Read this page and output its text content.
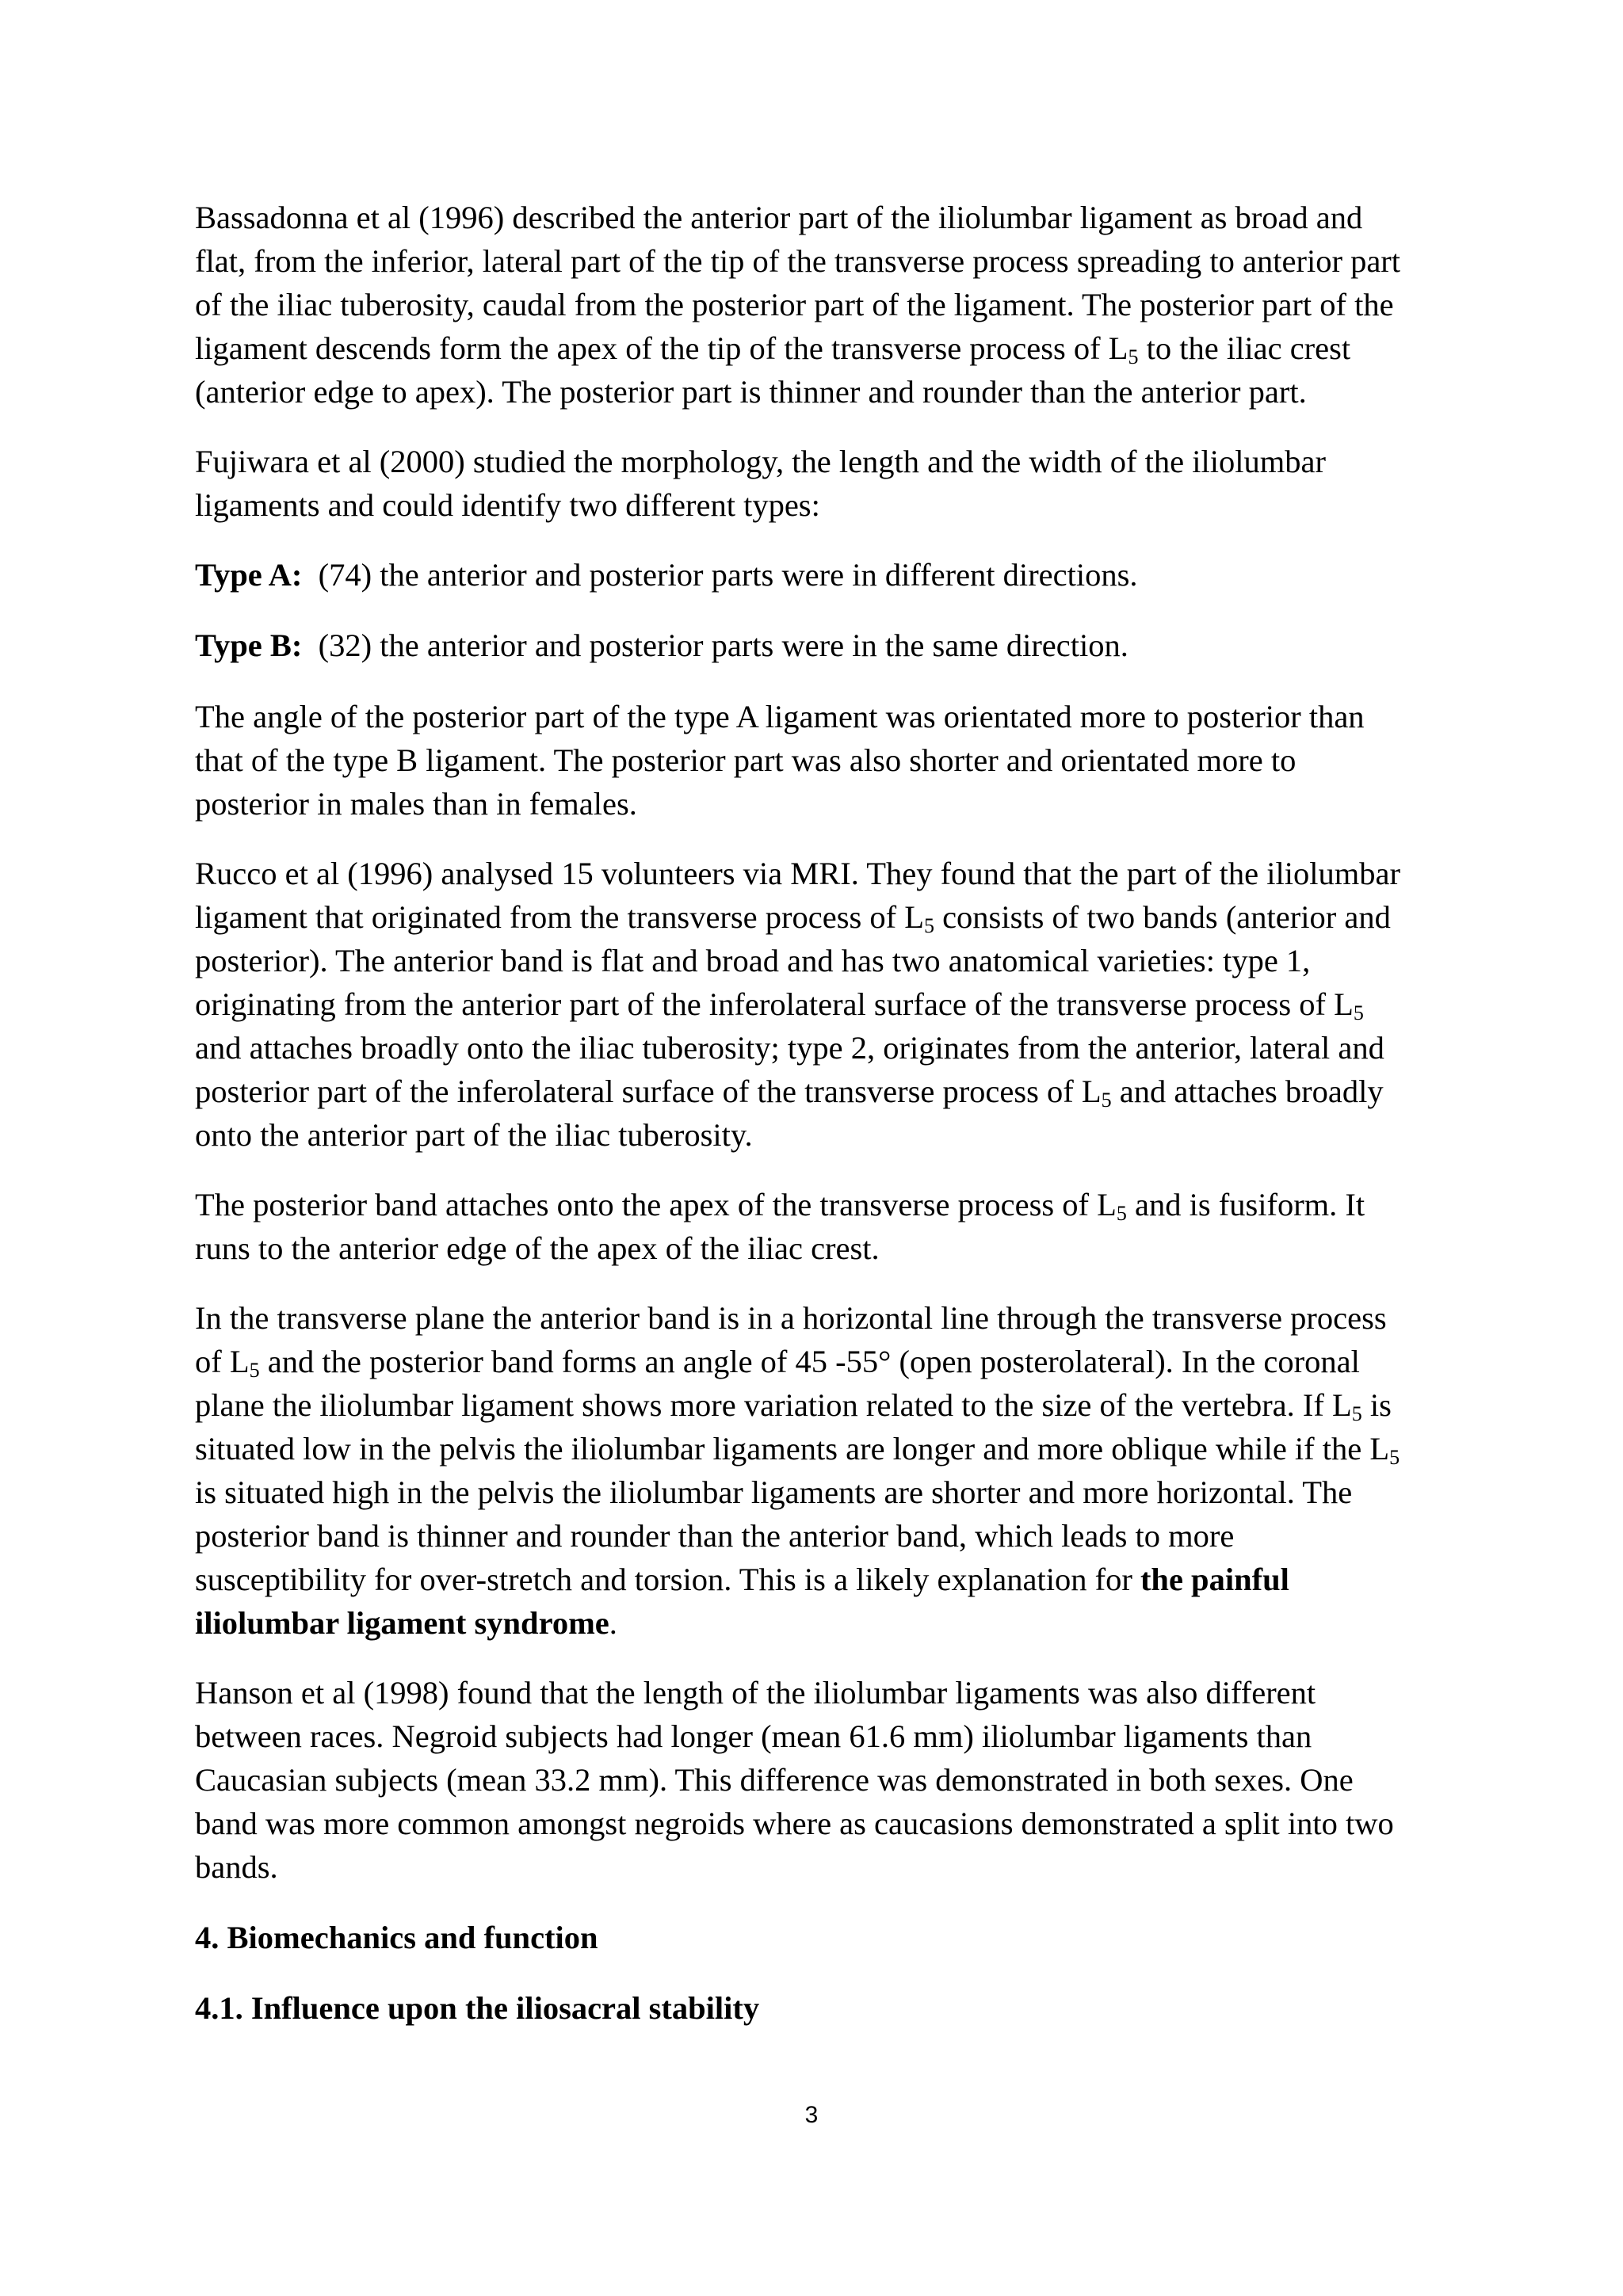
Bassadonna et al (1996) described the anterior part of the iliolumbar ligament as broad and

flat, from the inferior, lateral part of the tip of the transverse process spreading to anterior part

of the iliac tuberosity, caudal from the posterior part of the ligament. The posterior part of the

ligament descends form the apex of the tip of the transverse process of $L_5$ to the iliac crest

(anterior edge to apex). The posterior part is thinner and rounder than the anterior part.

Fujiwara et al (2000) studied the morphology, the length and the width of the iliolumbar

ligaments and could identify two different types:

Type A: (74) the anterior and posterior parts were in different directions.

Type B: (32) the anterior and posterior parts were in the same direction.

The angle of the posterior part of the type A ligament was orientated more to posterior than

that of the type B ligament. The posterior part was also shorter and orientated more to

posterior in males than in females.

Rucco et al (1996) analysed 15 volunteers via MRI. They found that the part of the iliolumbar

ligament that originated from the transverse process of $L_5$ consists of two bands (anterior and

posterior). The anterior band is flat and broad and has two anatomical varieties: type 1,

originating from the anterior part of the inferolateral surface of the transverse process of $L_5$

and attaches broadly onto the iliac tuberosity; type 2, originates from the anterior, lateral and

posterior part of the inferolateral surface of the transverse process of $L_5$ and attaches broadly

onto the anterior part of the iliac tuberosity.

The posterior band attaches onto the apex of the transverse process of $L_5$ and is fusiform. It

runs to the anterior edge of the apex of the iliac crest.

In the transverse plane the anterior band is in a horizontal line through the transverse process

of $L_5$ and the posterior band forms an angle of 45 -55° (open posterolateral). In the coronal

plane the iliolumbar ligament shows more variation related to the size of the vertebra. If $L_5$ is

situated low in the pelvis the iliolumbar ligaments are longer and more oblique while if the $L_5$

is situated high in the pelvis the iliolumbar ligaments are shorter and more horizontal. The

posterior band is thinner and rounder than the anterior band, which leads to more

susceptibility for over-stretch and torsion. This is a likely explanation for the painful

iliolumbar ligament syndrome.

Hanson et al (1998) found that the length of the iliolumbar ligaments was also different

between races. Negroid subjects had longer (mean 61.6 mm) iliolumbar ligaments than

Caucasian subjects (mean 33.2 mm). This difference was demonstrated in both sexes. One

band was more common amongst negroids where as caucasions demonstrated a split into two

bands.

4. Biomechanics and function

4.1. Influence upon the iliosacral stability

3
